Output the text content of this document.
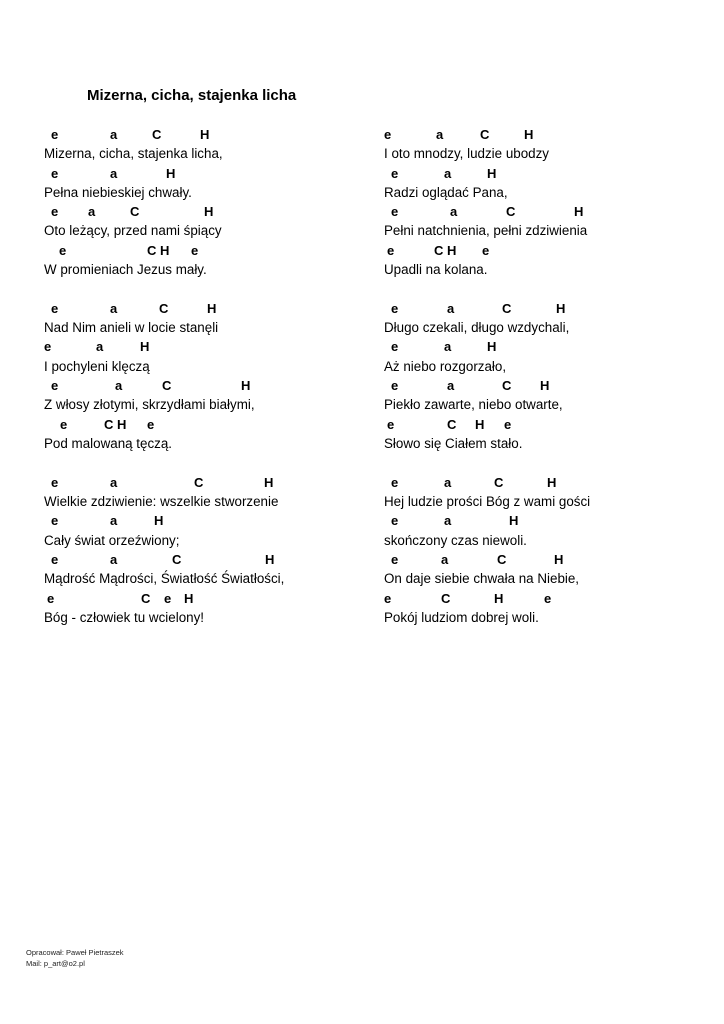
Mizerna, cicha, stajenka licha
e	a	C	H
Mizerna, cicha, stajenka licha,
e	a	H
Pełna niebieskiej chwały.
e a	C	H
Oto leżący, przed nami śpiący
e	C H e
W promieniach Jezus mały.
e	a	C	H
Nad Nim anieli w locie stanęli
e	a	H
I pochyleni klęczą
e	a	C	H
Z włosy złotymi, skrzydłami białymi,
e	C H e
Pod malowaną tęczą.
e	a	C	H
Wielkie zdziwienie: wszelkie stworzenie
e	a	H
Cały świat orzeźwiony;
e	a	C	H
Mądrość Mądrości, Światłość Światłości,
e	C	H
e
Bóg - człowiek tu wcielony!
e	a	C	H
I oto mnodzy, ludzie ubodzy
e	a	H
Radzi oglądać Pana,
e	a	C	H
Pełni natchnienia, pełni zdziwienia
e	C H e
Upadli na kolana.
e	a	C	H
Długo czekali, długo wzdychali,
e	a	H
Aż niebo rozgorzało,
e	a	C H
Piekło zawarte, niebo otwarte,
e	C H e
Słowo się Ciałem stało.
e	a	C	H
Hej ludzie prości Bóg z wami gości
e	a	H
skończony czas niewoli.
e	a	C	H
On daje siebie chwała na Niebie,
e	C	H	e
Pokój ludziom dobrej woli.
Opracował: Paweł Pietraszek
Mail: p_art@o2.pl
